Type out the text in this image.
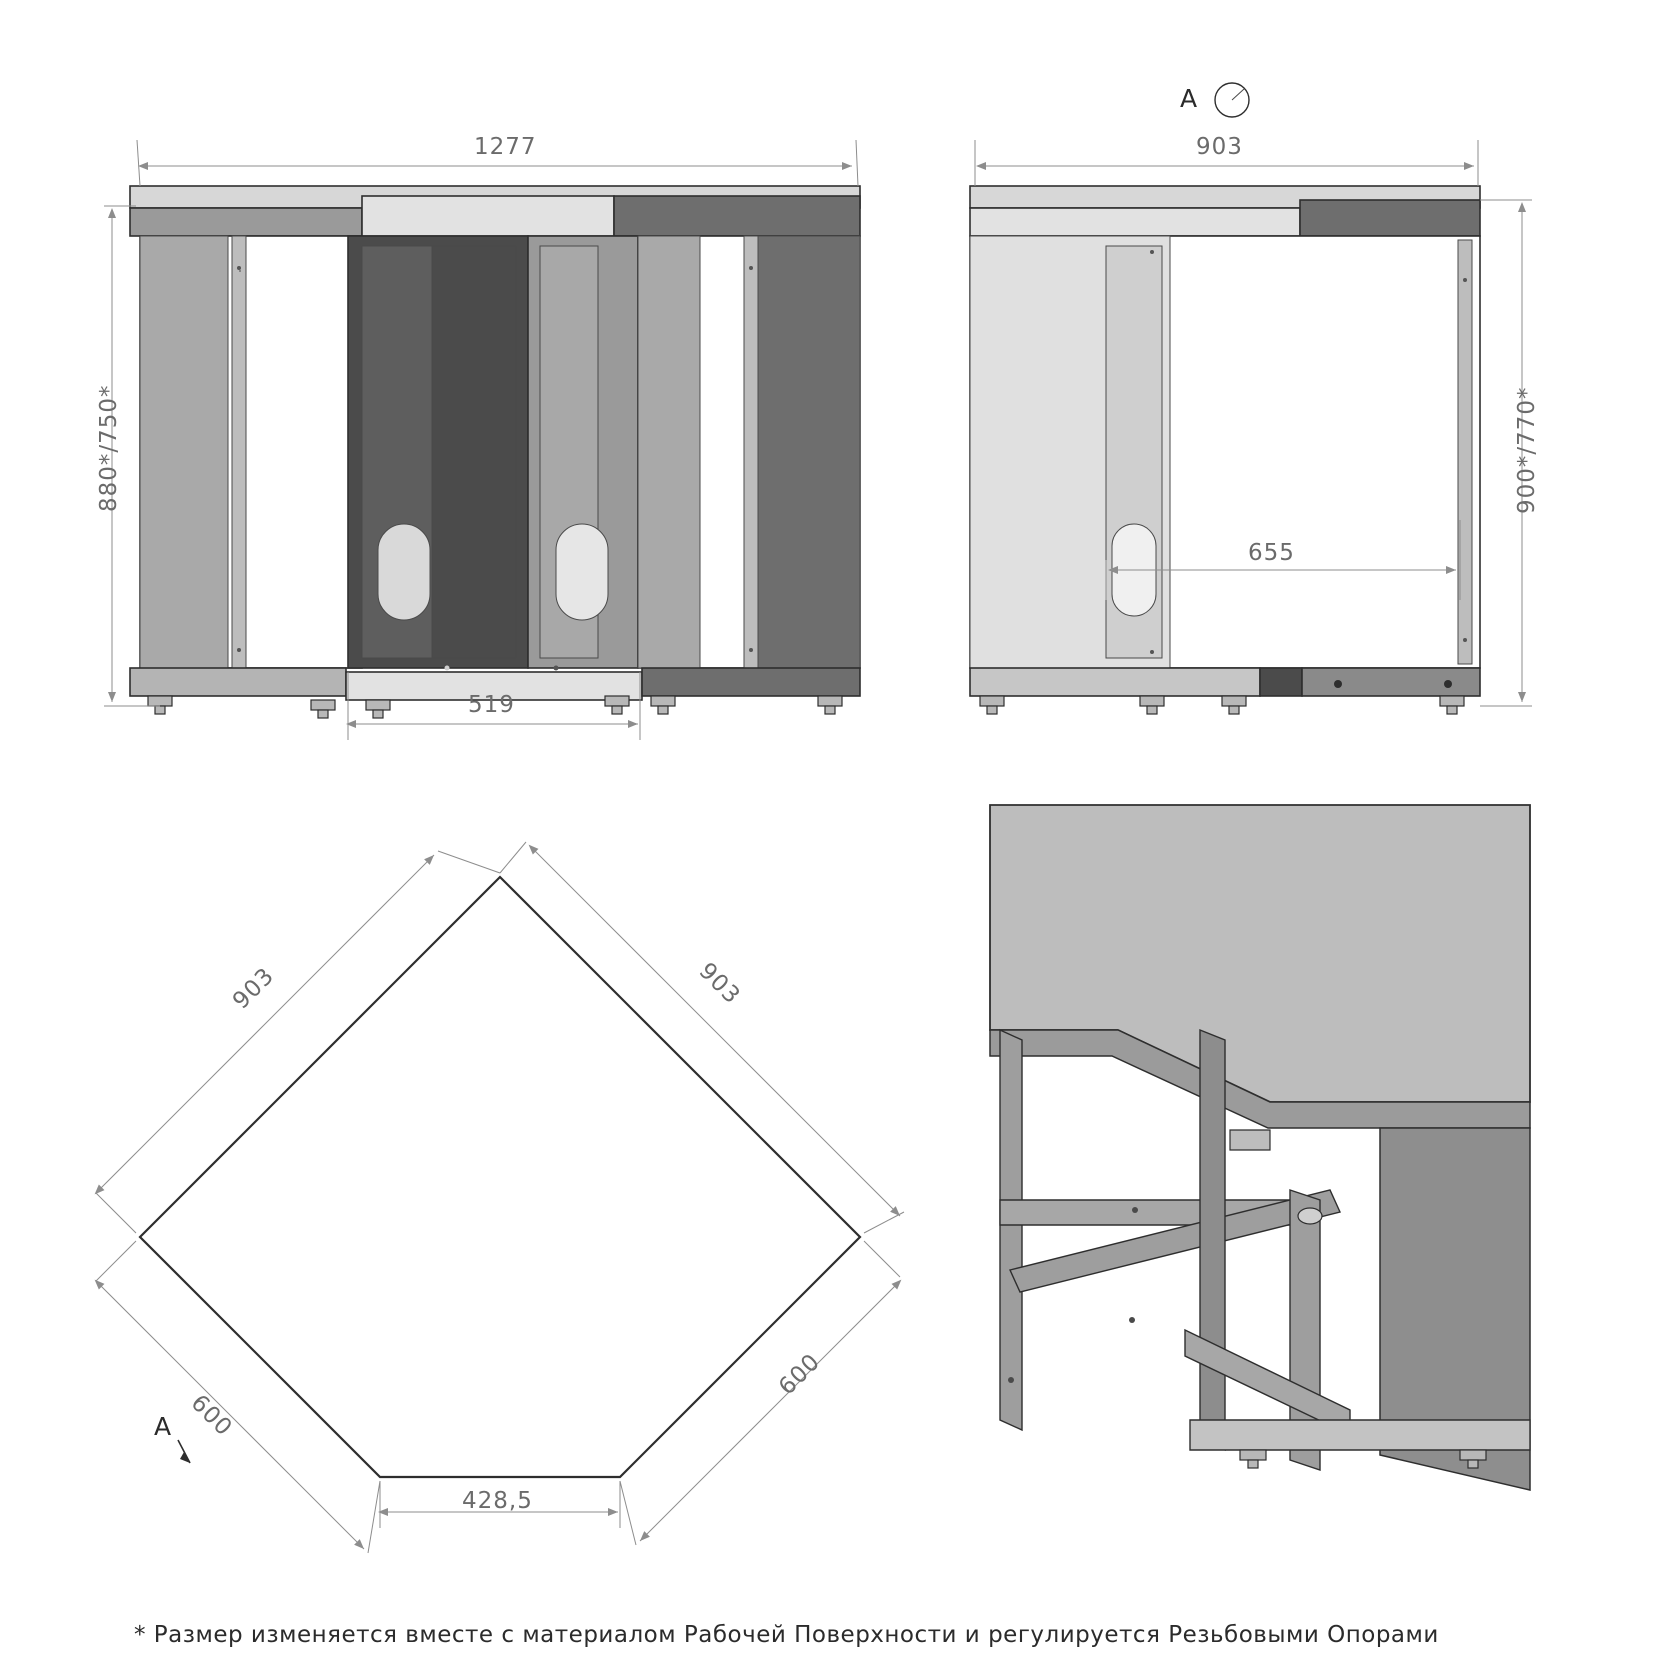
1277
880*/750*
519
903
900*/770*
655
A
903	903
600
600
428,5
A
* Размер изменяется вместе с материалом Рабочей Поверхности и регулируется Резьбовыми Опорами
